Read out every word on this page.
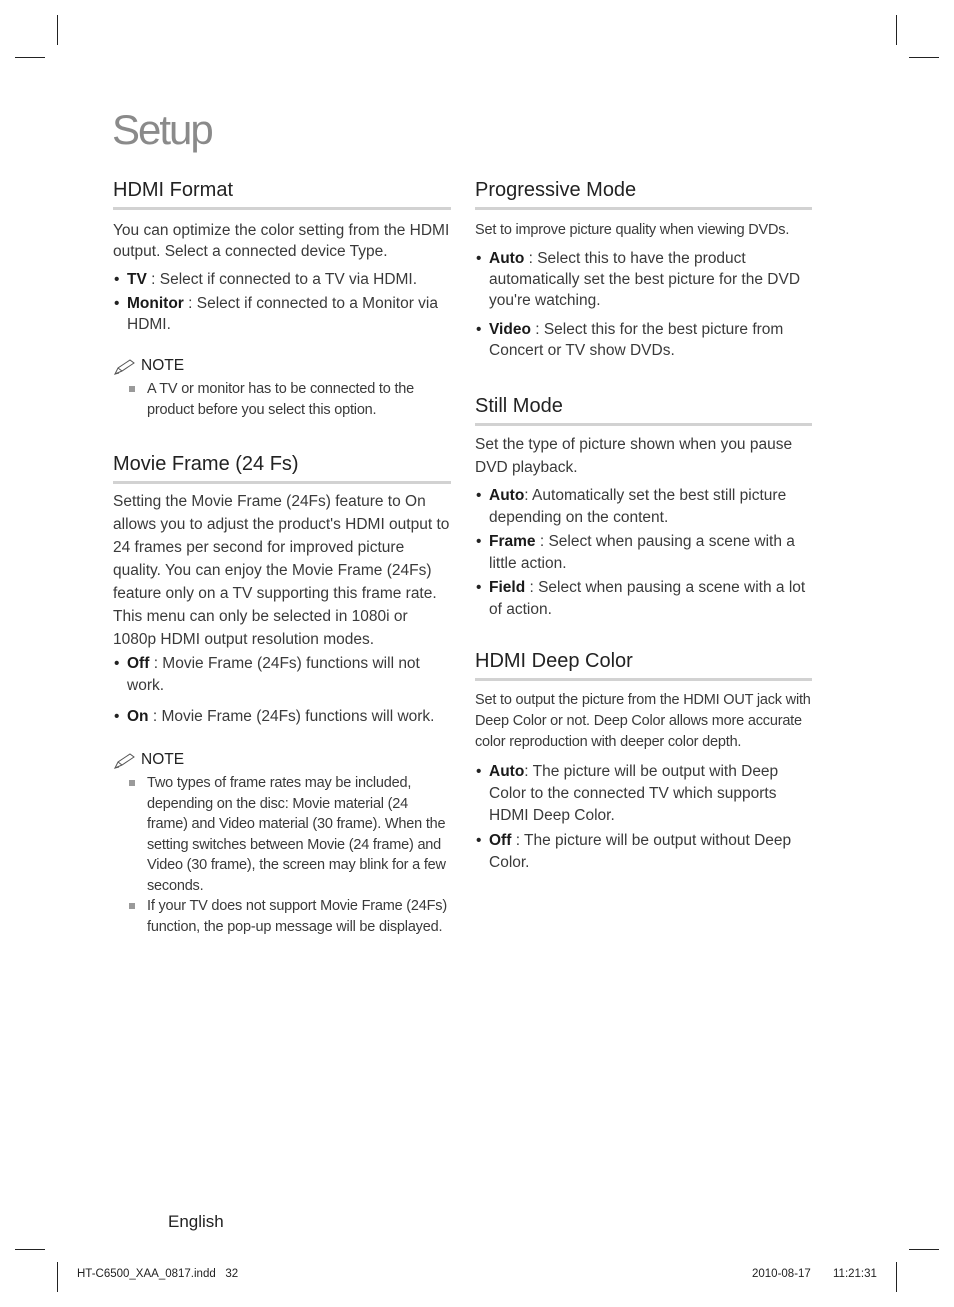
Setup
HDMI Format

You can optimize the color setting from the HDMI output. Select a connected device Type.

• TV : Select if connected to a TV via HDMI.
• Monitor : Select if connected to a Monitor via HDMI.
NOTE
A TV or monitor has to be connected to the product before you select this option.
Movie Frame (24 Fs)

Setting the Movie Frame (24Fs) feature to On allows you to adjust the product's HDMI output to 24 frames per second for improved picture quality. You can enjoy the Movie Frame (24Fs) feature only on a TV supporting this frame rate. This menu can only be selected in 1080i or 1080p HDMI output resolution modes.

• Off : Movie Frame (24Fs) functions will not work.
• On : Movie Frame (24Fs) functions will work.
NOTE
Two types of frame rates may be included, depending on the disc: Movie material (24 frame) and Video material (30 frame). When the setting switches between Movie (24 frame) and Video (30 frame), the screen may blink for a few seconds.
If your TV does not support Movie Frame (24Fs) function, the pop-up message will be displayed.
Progressive Mode

Set to improve picture quality when viewing DVDs.

• Auto : Select this to have the product automatically set the best picture for the DVD you're watching.
• Video : Select this for the best picture from Concert or TV show DVDs.
Still Mode

Set the type of picture shown when you pause DVD playback.

• Auto: Automatically set the best still picture depending on the content.
• Frame : Select when pausing a scene with a little action.
• Field : Select when pausing a scene with a lot of action.
HDMI Deep Color

Set to output the picture from the HDMI OUT jack with Deep Color or not. Deep Color allows more accurate color reproduction with deeper color depth.

• Auto: The picture will be output with Deep Color to the connected TV which supports HDMI Deep Color.
• Off : The picture will be output without Deep Color.
English
HT-C6500_XAA_0817.indd   32	2010-08-17 11:21:31
